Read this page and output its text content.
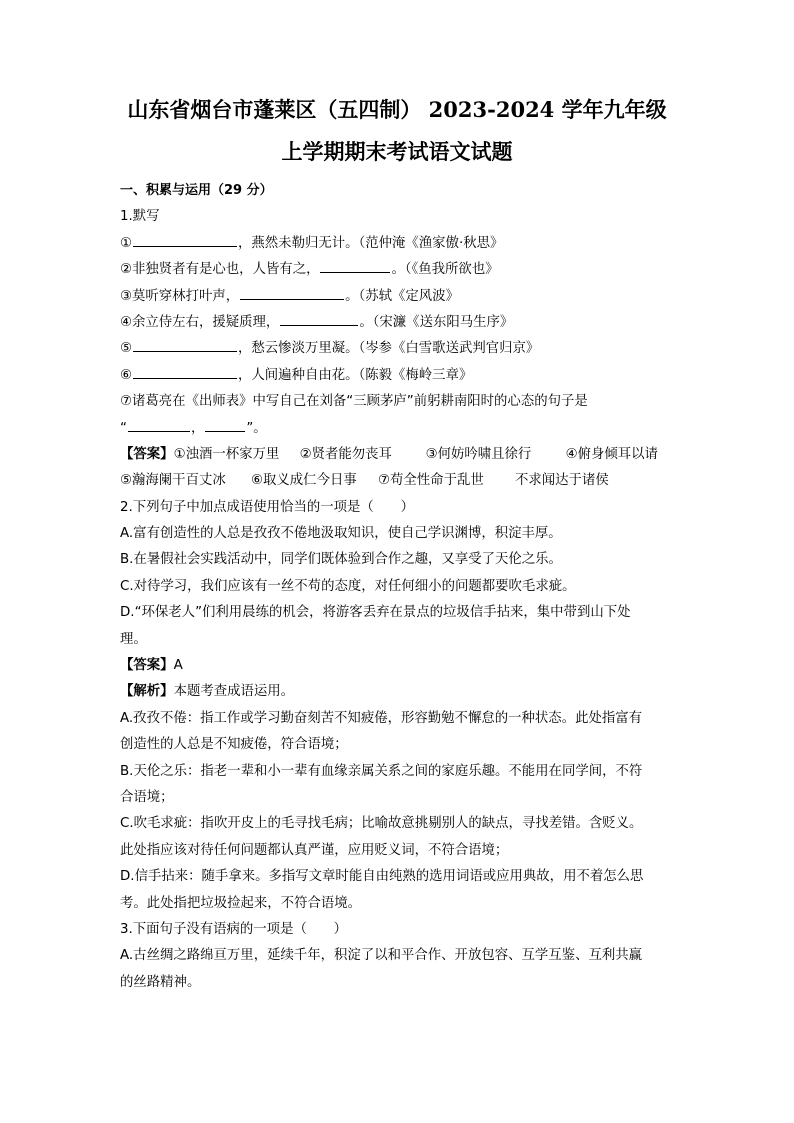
山东省烟台市蓬莱区（五四制） 2023-2024 学年九年级
上学期期末考试语文试题
一、积累与运用（29 分）
1.默写
①	，燕然未勒归无计。（范仲淹《渔家傲·秋思》
②非独贤者有是心也，人皆有之，	。（《鱼我所欲也》
③莫听穿林打叶声，	。（苏轼《定风波》
④余立侍左右，援疑质理，	。（宋濂《送东阳马生序》
⑤	，愁云惨淡万里凝。（岑参《白雪歌送武判官归京》
⑥	，人间遍种自由花。（陈毅《梅岭三章》
⑦诸葛亮在《出师表》中写自己在刘备“三顾茅庐”前躬耕南阳时的心态的句子是
“	，	”。
【答案】①浊酒一杯家万里 ②贤者能勿丧耳	③何妨吟啸且徐行	④俯身倾耳以请
⑤瀚海阑干百丈冰 ⑥取义成仁今日事 ⑦苟全性命于乱世 不求闻达于诸侯
2.下列句子中加点成语使用恰当的一项是（　　）
A.富有创造性的人总是孜孜不倦地汲取知识，使自己学识渊博，积淀丰厚。
B.在暑假社会实践活动中，同学们既体验到合作之趣，又享受了天伦之乐。
C.对待学习，我们应该有一丝不苟的态度，对任何细小的问题都要吹毛求疵。
D.“环保老人”们利用晨练的机会，将游客丢弃在景点的垃圾信手拈来，集中带到山下处
理。
【答案】A
【解析】本题考查成语运用。
A.孜孜不倦：指工作或学习勤奋刻苦不知疲倦，形容勤勉不懈怠的一种状态。此处指富有
创造性的人总是不知疲倦，符合语境；
B.天伦之乐：指老一辈和小一辈有血缘亲属关系之间的家庭乐趣。不能用在同学间，不符
合语境；
C.吹毛求疵：指吹开皮上的毛寻找毛病；比喻故意挑剔别人的缺点，寻找差错。含贬义。
此处指应该对待任何问题都认真严谨，应用贬义词，不符合语境；
D.信手拈来：随手拿来。多指写文章时能自由纯熟的选用词语或应用典故，用不着怎么思
考。此处指把垃圾捡起来，不符合语境。
3.下面句子没有语病的一项是（　　）
A.古丝绸之路绵亘万里，延续千年，积淀了以和平合作、开放包容、互学互鉴、互利共赢
的丝路精神。
